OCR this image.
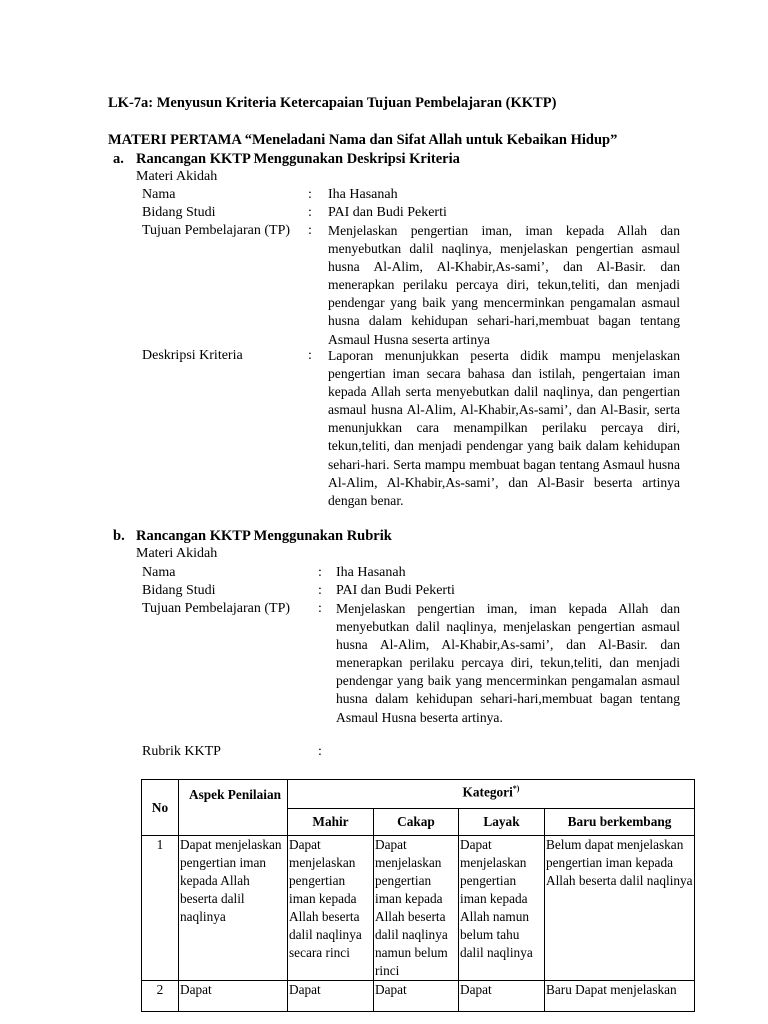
LK-7a: Menyusun Kriteria Ketercapaian Tujuan Pembelajaran (KKTP)
MATERI PERTAMA “Meneladani Nama dan Sifat Allah untuk Kebaikan Hidup”
a. Rancangan KKTP Menggunakan Deskripsi Kriteria
Materi Akidah
Nama	: Iha Hasanah
Bidang Studi	: PAI dan Budi Pekerti
Tujuan Pembelajaran (TP) : Menjelaskan pengertian iman, iman kepada Allah dan menyebutkan dalil naqlinya, menjelaskan pengertian asmaul husna Al-Alim, Al-Khabir,As-sami’, dan Al-Basir. dan menerapkan perilaku percaya diri, tekun,teliti, dan menjadi pendengar yang baik yang mencerminkan pengamalan asmaul husna dalam kehidupan sehari-hari,membuat bagan tentang Asmaul Husna seserta artinya
Deskripsi Kriteria	: Laporan menunjukkan peserta didik mampu menjelaskan pengertian iman secara bahasa dan istilah, pengertaian iman kepada Allah serta menyebutkan dalil naqlinya, dan pengertian asmaul husna Al-Alim, Al-Khabir,As-sami’, dan Al-Basir, serta menunjukkan cara menampilkan perilaku percaya diri, tekun,teliti, dan menjadi pendengar yang baik dalam kehidupan sehari-hari. Serta mampu membuat bagan tentang Asmaul husna Al-Alim, Al-Khabir,As-sami’, dan Al-Basir beserta artinya dengan benar.
b. Rancangan KKTP Menggunakan Rubrik
Materi Akidah
Nama	: Iha Hasanah
Bidang Studi	: PAI dan Budi Pekerti
Tujuan Pembelajaran (TP) : Menjelaskan pengertian iman, iman kepada Allah dan menyebutkan dalil naqlinya, menjelaskan pengertian asmaul husna Al-Alim, Al-Khabir,As-sami’, dan Al-Basir. dan menerapkan perilaku percaya diri, tekun,teliti, dan menjadi pendengar yang baik yang mencerminkan pengamalan asmaul husna dalam kehidupan sehari-hari,membuat bagan tentang Asmaul Husna beserta artinya.
Rubrik KKTP	:
No	Aspek Penilaian	Kategori*)
		Mahir	Cakap	Layak	Baru berkembang
1	Dapat menjelaskan pengertian iman kepada Allah beserta dalil naqlinya	Dapat menjelaskan pengertian iman kepada Allah beserta dalil naqlinya secara rinci	Dapat menjelaskan pengertian iman kepada Allah beserta dalil naqlinya namun belum rinci	Dapat menjelaskan pengertian iman kepada Allah namun belum tahu dalil naqlinya	Belum dapat menjelaskan pengertian iman kepada Allah beserta dalil naqlinya
2	Dapat	Dapat	Dapat	Dapat	Baru Dapat menjelaskan
